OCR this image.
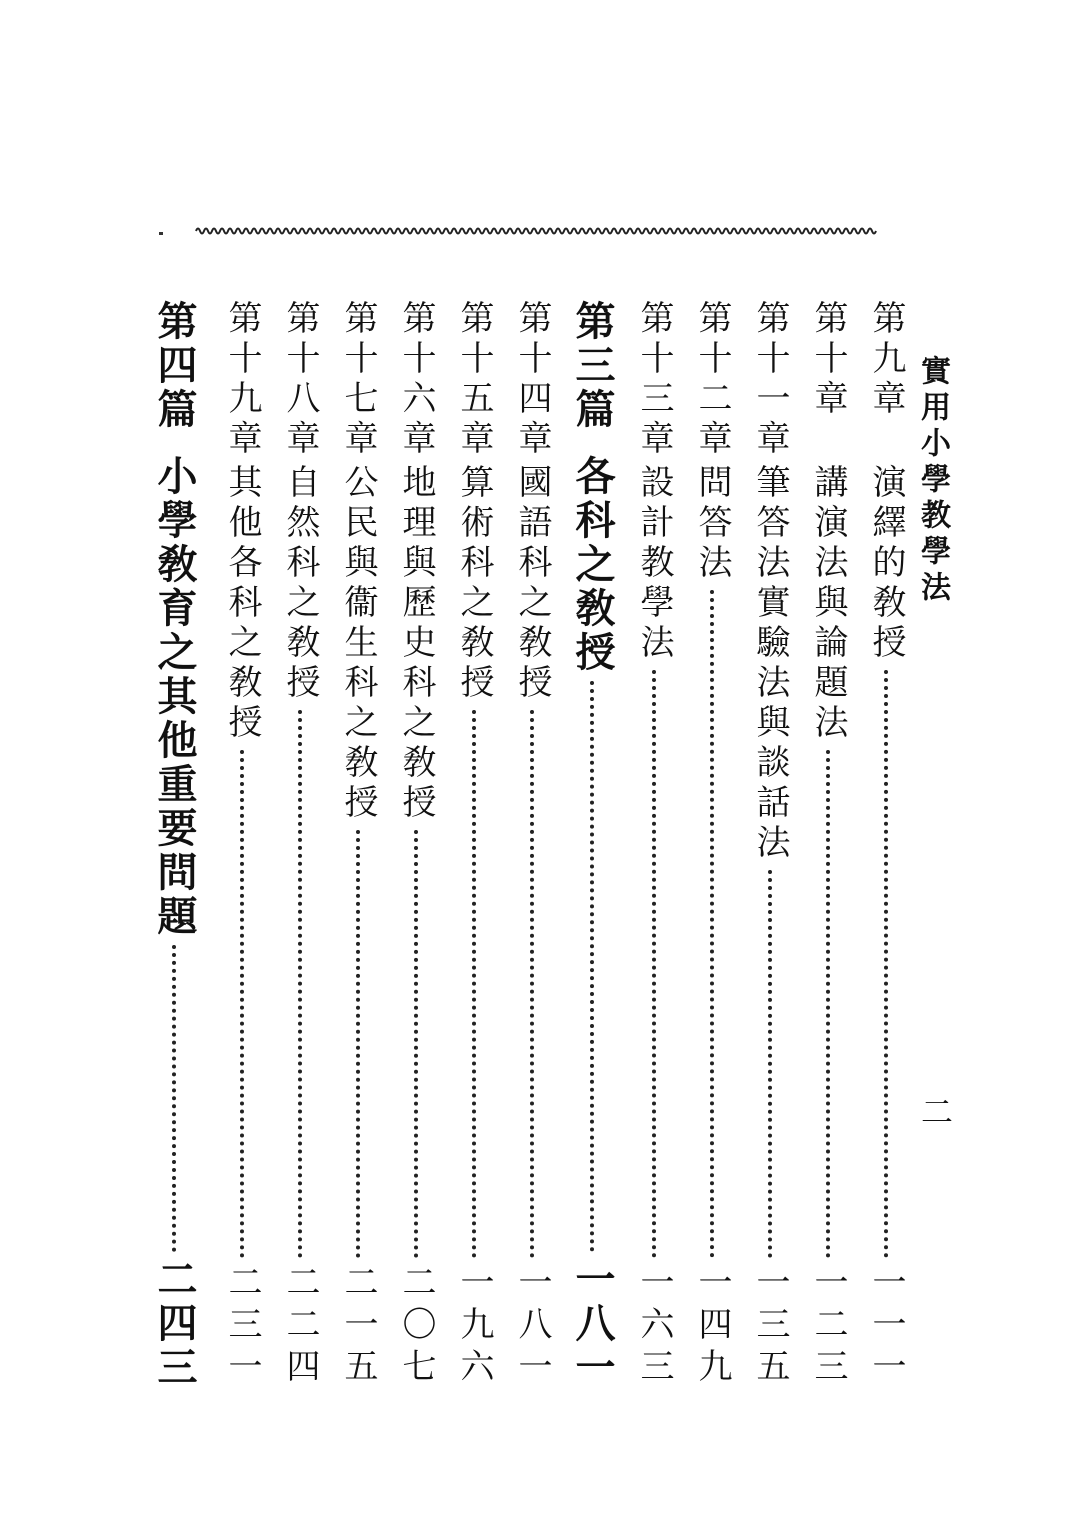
實用小學教學法
二
第九章
演繹的敎授
一一一
第十章
講演法與論題法
一二三
第十一章
筆答法實驗法與談話法
一三五
第十二章
問答法
一四九
第十三章
設計教學法
一六三
第三篇
各科之敎授
一八一
第十四章
國語科之敎授
一八一
第十五章
算術科之敎授
一九六
第十六章
地理與歷史科之敎授
二〇七
第十七章
公民與衞生科之敎授
二一五
第十八章
自然科之敎授
二二四
第十九章
其他各科之敎授
二三一
第四篇
小學敎育之其他重要問題
二四三
